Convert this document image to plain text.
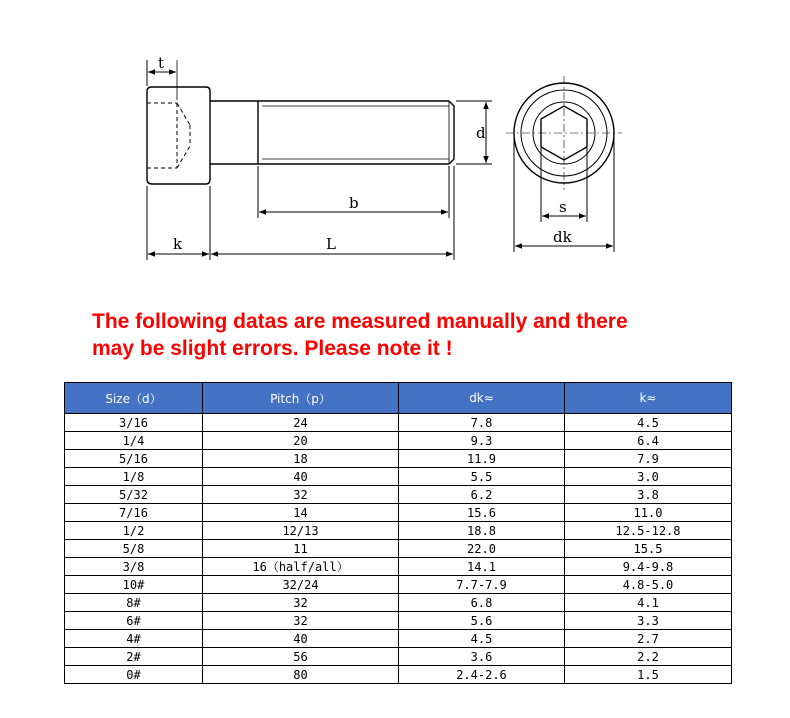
t
d
b
k	L
s
dk

The following datas are measured manually and there
may be slight errors. Please note it !

Size（d）	Pitch（p）	dk≈	k≈
3/16	24	7.8	4.5
1/4	20	9.3	6.4
5/16	18	11.9	7.9
1/8	40	5.5	3.0
5/32	32	6.2	3.8
7/16	14	15.6	11.0
1/2	12/13	18.8	12.5-12.8
5/8	11	22.0	15.5
3/8	16（half/all）	14.1	9.4-9.8
10#	32/24	7.7-7.9	4.8-5.0
8#	32	6.8	4.1
6#	32	5.6	3.3
4#	40	4.5	2.7
2#	56	3.6	2.2
0#	80	2.4-2.6	1.5
